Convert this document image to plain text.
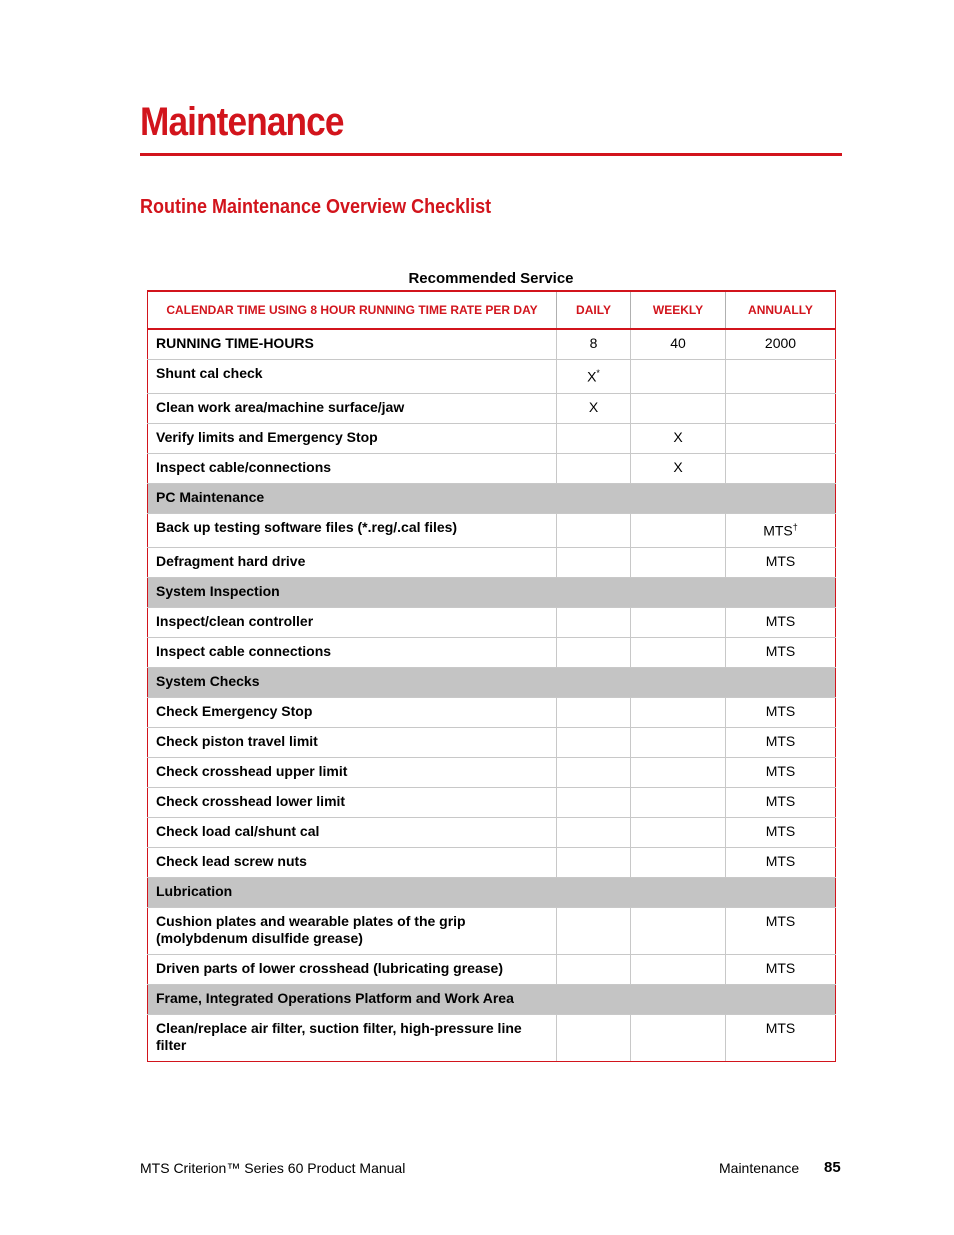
Maintenance
Routine Maintenance Overview Checklist
Recommended Service
CALENDAR TIME USING 8 HOUR RUNNING TIME RATE PER DAY	DAILY	WEEKLY	ANNUALLY
RUNNING TIME-HOURS	8	40	2000
Shunt cal check	X*		
Clean work area/machine surface/jaw	X		
Verify limits and Emergency Stop		X	
Inspect cable/connections		X	
PC Maintenance			
Back up testing software files (*.reg/.cal files)			MTS†
Defragment hard drive			MTS
System Inspection			
Inspect/clean controller			MTS
Inspect cable connections			MTS
System Checks			
Check Emergency Stop			MTS
Check piston travel limit			MTS
Check crosshead upper limit			MTS
Check crosshead lower limit			MTS
Check load cal/shunt cal			MTS
Check lead screw nuts			MTS
Lubrication			
Cushion plates and wearable plates of the grip (molybdenum disulfide grease)			MTS
Driven parts of lower crosshead (lubricating grease)			MTS
Frame, Integrated Operations Platform and Work Area			
Clean/replace air filter, suction filter, high-pressure line filter			MTS
MTS Criterion™ Series 60 Product Manual	Maintenance 85
